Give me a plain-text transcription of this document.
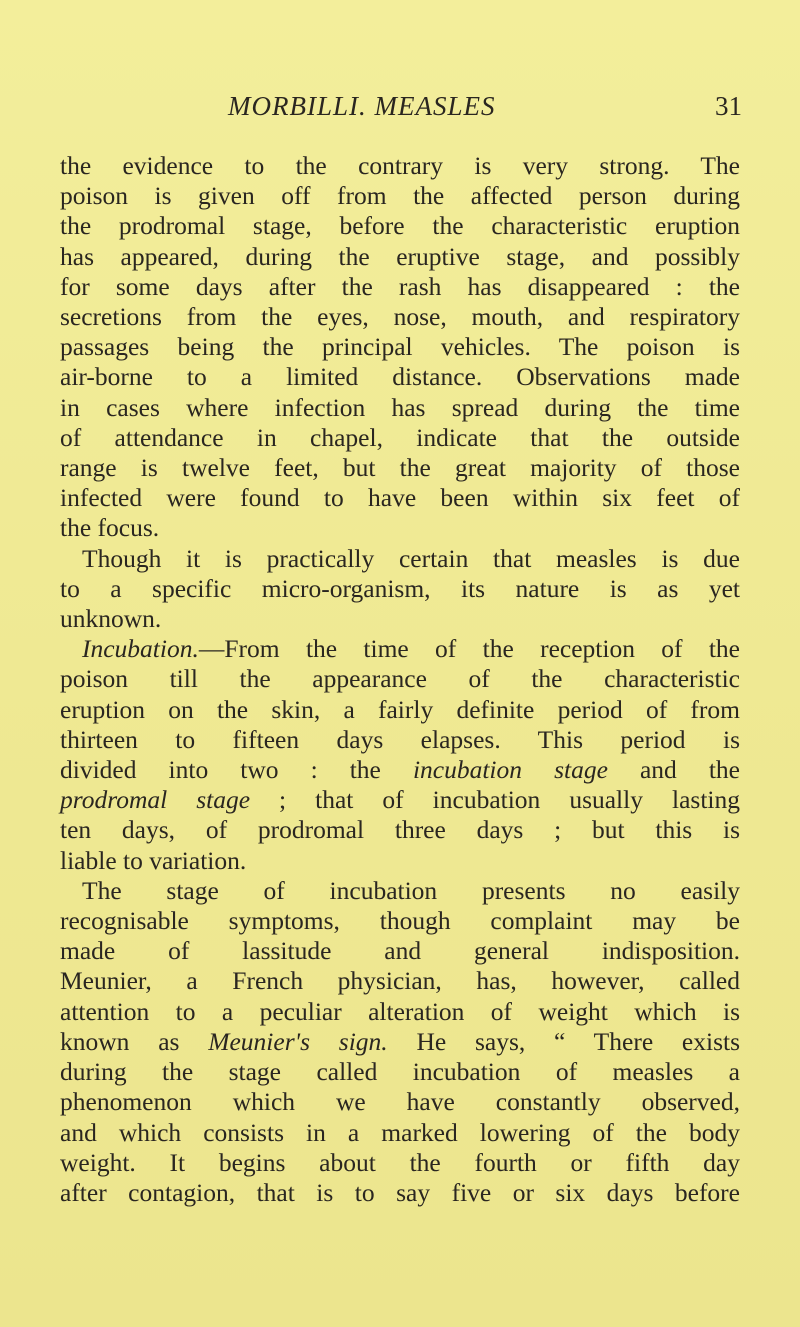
MORBILLI. MEASLES	31
the evidence to the contrary is very strong. The
poison is given off from the affected person during
the prodromal stage, before the characteristic eruption
has appeared, during the eruptive stage, and possibly
for some days after the rash has disappeared : the
secretions from the eyes, nose, mouth, and respiratory
passages being the principal vehicles. The poison is
air-borne to a limited distance. Observations made
in cases where infection has spread during the time
of attendance in chapel, indicate that the outside
range is twelve feet, but the great majority of those
infected were found to have been within six feet of
the focus.
Though it is practically certain that measles is due
to a specific micro-organism, its nature is as yet
unknown.
Incubation.—From the time of the reception of the
poison till the appearance of the characteristic
eruption on the skin, a fairly definite period of from
thirteen to fifteen days elapses. This period is
divided into two : the incubation stage and the
prodromal stage ; that of incubation usually lasting
ten days, of prodromal three days ; but this is
liable to variation.
The stage of incubation presents no easily
recognisable symptoms, though complaint may be
made of lassitude and general indisposition.
Meunier, a French physician, has, however, called
attention to a peculiar alteration of weight which is
known as Meunier's sign. He says, “ There exists
during the stage called incubation of measles a
phenomenon which we have constantly observed,
and which consists in a marked lowering of the body
weight. It begins about the fourth or fifth day
after contagion, that is to say five or six days before
